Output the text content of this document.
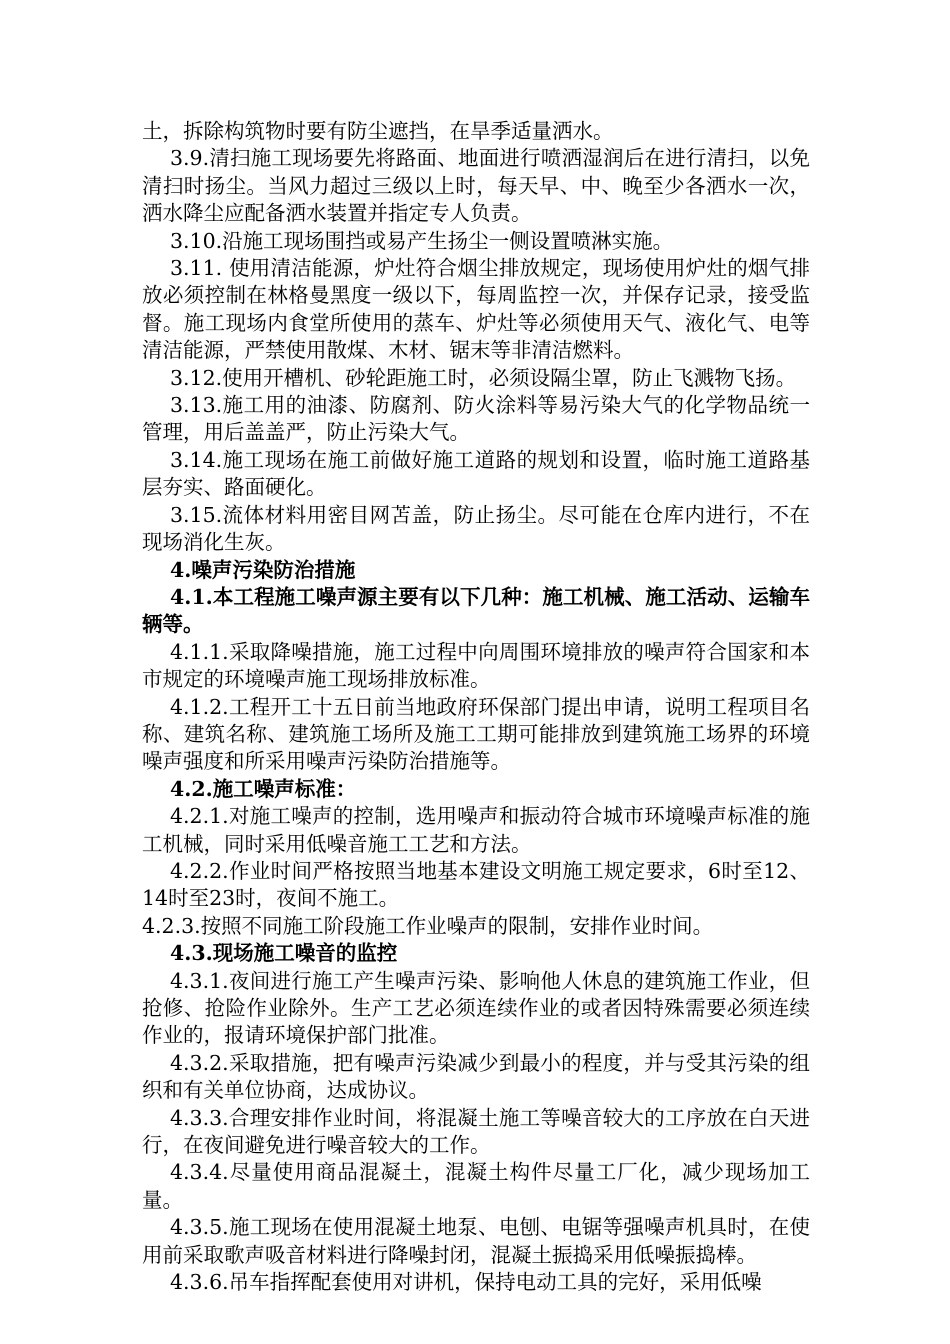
土，拆除构筑物时要有防尘遮挡，在旱季适量洒水。

3.9.清扫施工现场要先将路面、地面进行喷洒湿润后在进行清扫，以免清扫时扬尘。当风力超过三级以上时，每天早、中、晚至少各洒水一次，洒水降尘应配备洒水装置并指定专人负责。

3.10.沿施工现场围挡或易产生扬尘一侧设置喷淋实施。

3.11. 使用清洁能源，炉灶符合烟尘排放规定，现场使用炉灶的烟气排放必须控制在林格曼黑度一级以下，每周监控一次，并保存记录，接受监督。施工现场内食堂所使用的蒸车、炉灶等必须使用天气、液化气、电等清洁能源，严禁使用散煤、木材、锯末等非清洁燃料。

3.12.使用开槽机、砂轮距施工时，必须设隔尘罩，防止飞溅物飞扬。

3.13.施工用的油漆、防腐剂、防火涂料等易污染大气的化学物品统一管理，用后盖盖严，防止污染大气。

3.14.施工现场在施工前做好施工道路的规划和设置，临时施工道路基层夯实、路面硬化。

3.15.流体材料用密目网苫盖，防止扬尘。尽可能在仓库内进行，不在现场消化生灰。

4.噪声污染防治措施

4.1.本工程施工噪声源主要有以下几种：施工机械、施工活动、运输车辆等。

4.1.1.采取降噪措施，施工过程中向周围环境排放的噪声符合国家和本市规定的环境噪声施工现场排放标准。

4.1.2.工程开工十五日前当地政府环保部门提出申请，说明工程项目名称、建筑名称、建筑施工场所及施工工期可能排放到建筑施工场界的环境噪声强度和所采用噪声污染防治措施等。

4.2.施工噪声标准：

4.2.1.对施工噪声的控制，选用噪声和振动符合城市环境噪声标准的施工机械，同时采用低噪音施工工艺和方法。

4.2.2.作业时间严格按照当地基本建设文明施工规定要求，6时至12、14时至23时，夜间不施工。

4.2.3.按照不同施工阶段施工作业噪声的限制，安排作业时间。

4.3.现场施工噪音的监控

4.3.1.夜间进行施工产生噪声污染、影响他人休息的建筑施工作业，但抢修、抢险作业除外。生产工艺必须连续作业的或者因特殊需要必须连续作业的，报请环境保护部门批准。

4.3.2.采取措施，把有噪声污染减少到最小的程度，并与受其污染的组织和有关单位协商，达成协议。

4.3.3.合理安排作业时间，将混凝土施工等噪音较大的工序放在白天进行，在夜间避免进行噪音较大的工作。

4.3.4.尽量使用商品混凝土，混凝土构件尽量工厂化，减少现场加工量。

4.3.5.施工现场在使用混凝土地泵、电刨、电锯等强噪声机具时，在使用前采取歌声吸音材料进行降噪封闭，混凝土振捣采用低噪振捣棒。

4.3.6.吊车指挥配套使用对讲机，保持电动工具的完好，采用低噪
